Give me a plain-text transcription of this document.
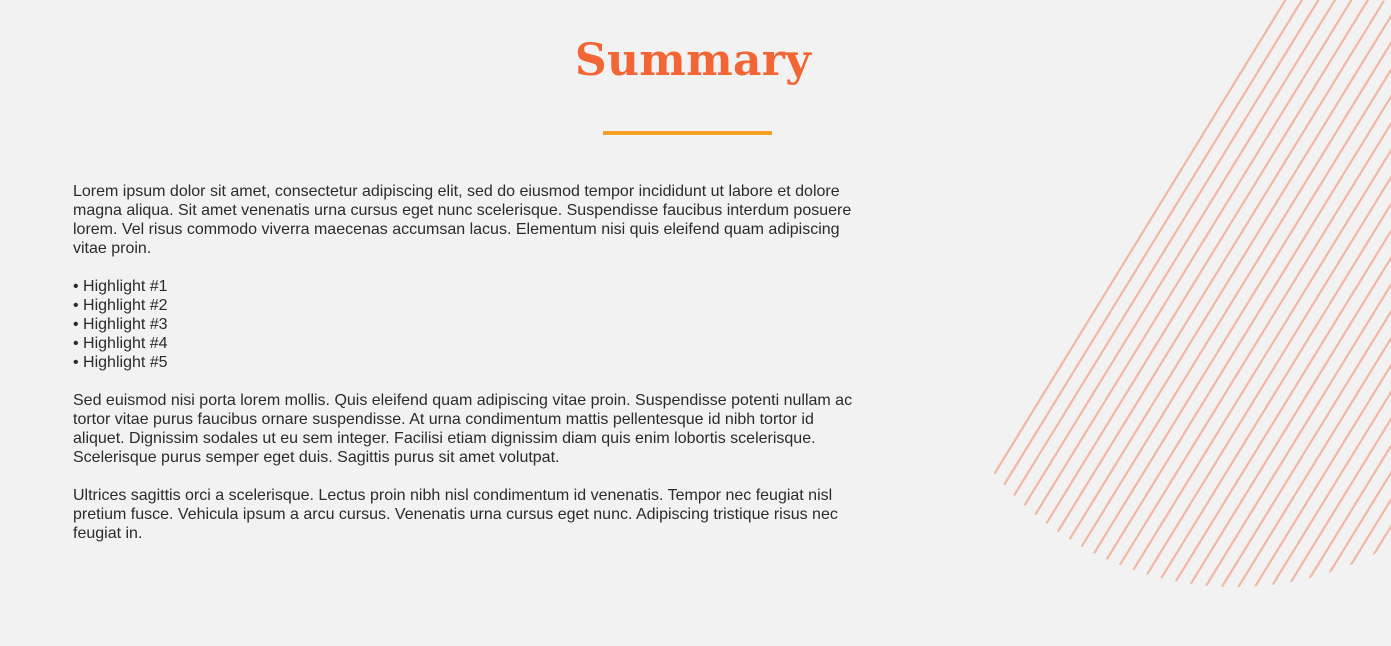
Summary

Lorem ipsum dolor sit amet, consectetur adipiscing elit, sed do eiusmod tempor incididunt ut labore et dolore magna aliqua. Sit amet venenatis urna cursus eget nunc scelerisque. Suspendisse faucibus interdum posuere lorem. Vel risus commodo viverra maecenas accumsan lacus. Elementum nisi quis eleifend quam adipiscing vitae proin.

• Highlight #1
• Highlight #2
• Highlight #3
• Highlight #4
• Highlight #5

Sed euismod nisi porta lorem mollis. Quis eleifend quam adipiscing vitae proin. Suspendisse potenti nullam ac tortor vitae purus faucibus ornare suspendisse. At urna condimentum mattis pellentesque id nibh tortor id aliquet. Dignissim sodales ut eu sem integer. Facilisi etiam dignissim diam quis enim lobortis scelerisque. Scelerisque purus semper eget duis. Sagittis purus sit amet volutpat.

Ultrices sagittis orci a scelerisque. Lectus proin nibh nisl condimentum id venenatis. Tempor nec feugiat nisl pretium fusce. Vehicula ipsum a arcu cursus. Venenatis urna cursus eget nunc. Adipiscing tristique risus nec feugiat in.
